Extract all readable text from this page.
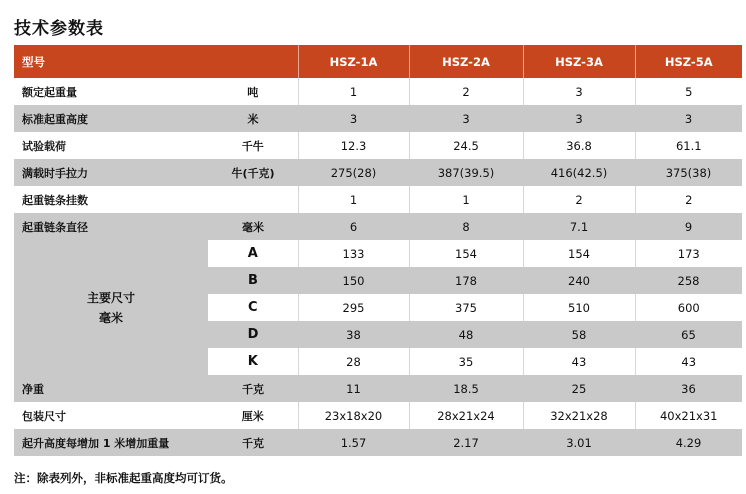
技术参数表
型号		HSZ-1A	HSZ-2A	HSZ-3A	HSZ-5A
额定起重量	吨	1	2	3	5
标准起重高度	米	3	3	3	3
试验载荷	千牛	12.3	24.5	36.8	61.1
满载时手拉力	牛(千克)	275(28)	387(39.5)	416(42.5)	375(38)
起重链条挂数		1	1	2	2
起重链条直径	毫米	6	8	7.1	9

主要尺寸
毫米	A	133	154	154	173
	B	150	178	240	258
	C	295	375	510	600
	D	38	48	58	65
	K	28	35	43	43
净重	千克	11	18.5	25	36
包装尺寸	厘米	23x18x20	28x21x24	32x21x28	40x21x31
起升高度每增加 1 米增加重量	千克	1.57	2.17	3.01	4.29
注：除表列外，非标准起重高度均可订货。
